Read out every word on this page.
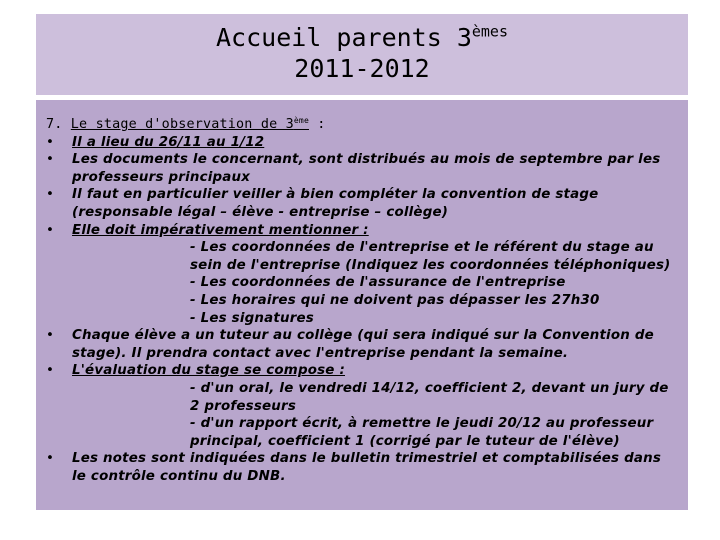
Accueil parents 3èmes
2011-2012
7. Le stage d'observation de 3ème :
• Il a lieu du 26/11 au 1/12
• Les documents le concernant, sont distribués au mois de septembre par les professeurs principaux
• Il faut en particulier veiller à bien compléter la convention de stage (responsable légal – élève - entreprise – collège)
• Elle doit impérativement mentionner :
- Les coordonnées de l'entreprise et le référent du stage au sein de l'entreprise (Indiquez les coordonnées téléphoniques)
- Les coordonnées de l'assurance de l'entreprise
- Les horaires qui ne doivent pas dépasser les 27h30
- Les signatures
• Chaque élève a un tuteur au collège (qui sera indiqué sur la Convention de stage). Il prendra contact avec l'entreprise pendant la semaine.
• L'évaluation du stage se compose :
- d'un oral, le vendredi 14/12, coefficient 2, devant un jury de 2 professeurs
- d'un rapport écrit, à remettre le jeudi 20/12 au professeur principal, coefficient 1 (corrigé par le tuteur de l'élève)
• Les notes sont indiquées dans le bulletin trimestriel et comptabilisées dans le contrôle continu du DNB.
